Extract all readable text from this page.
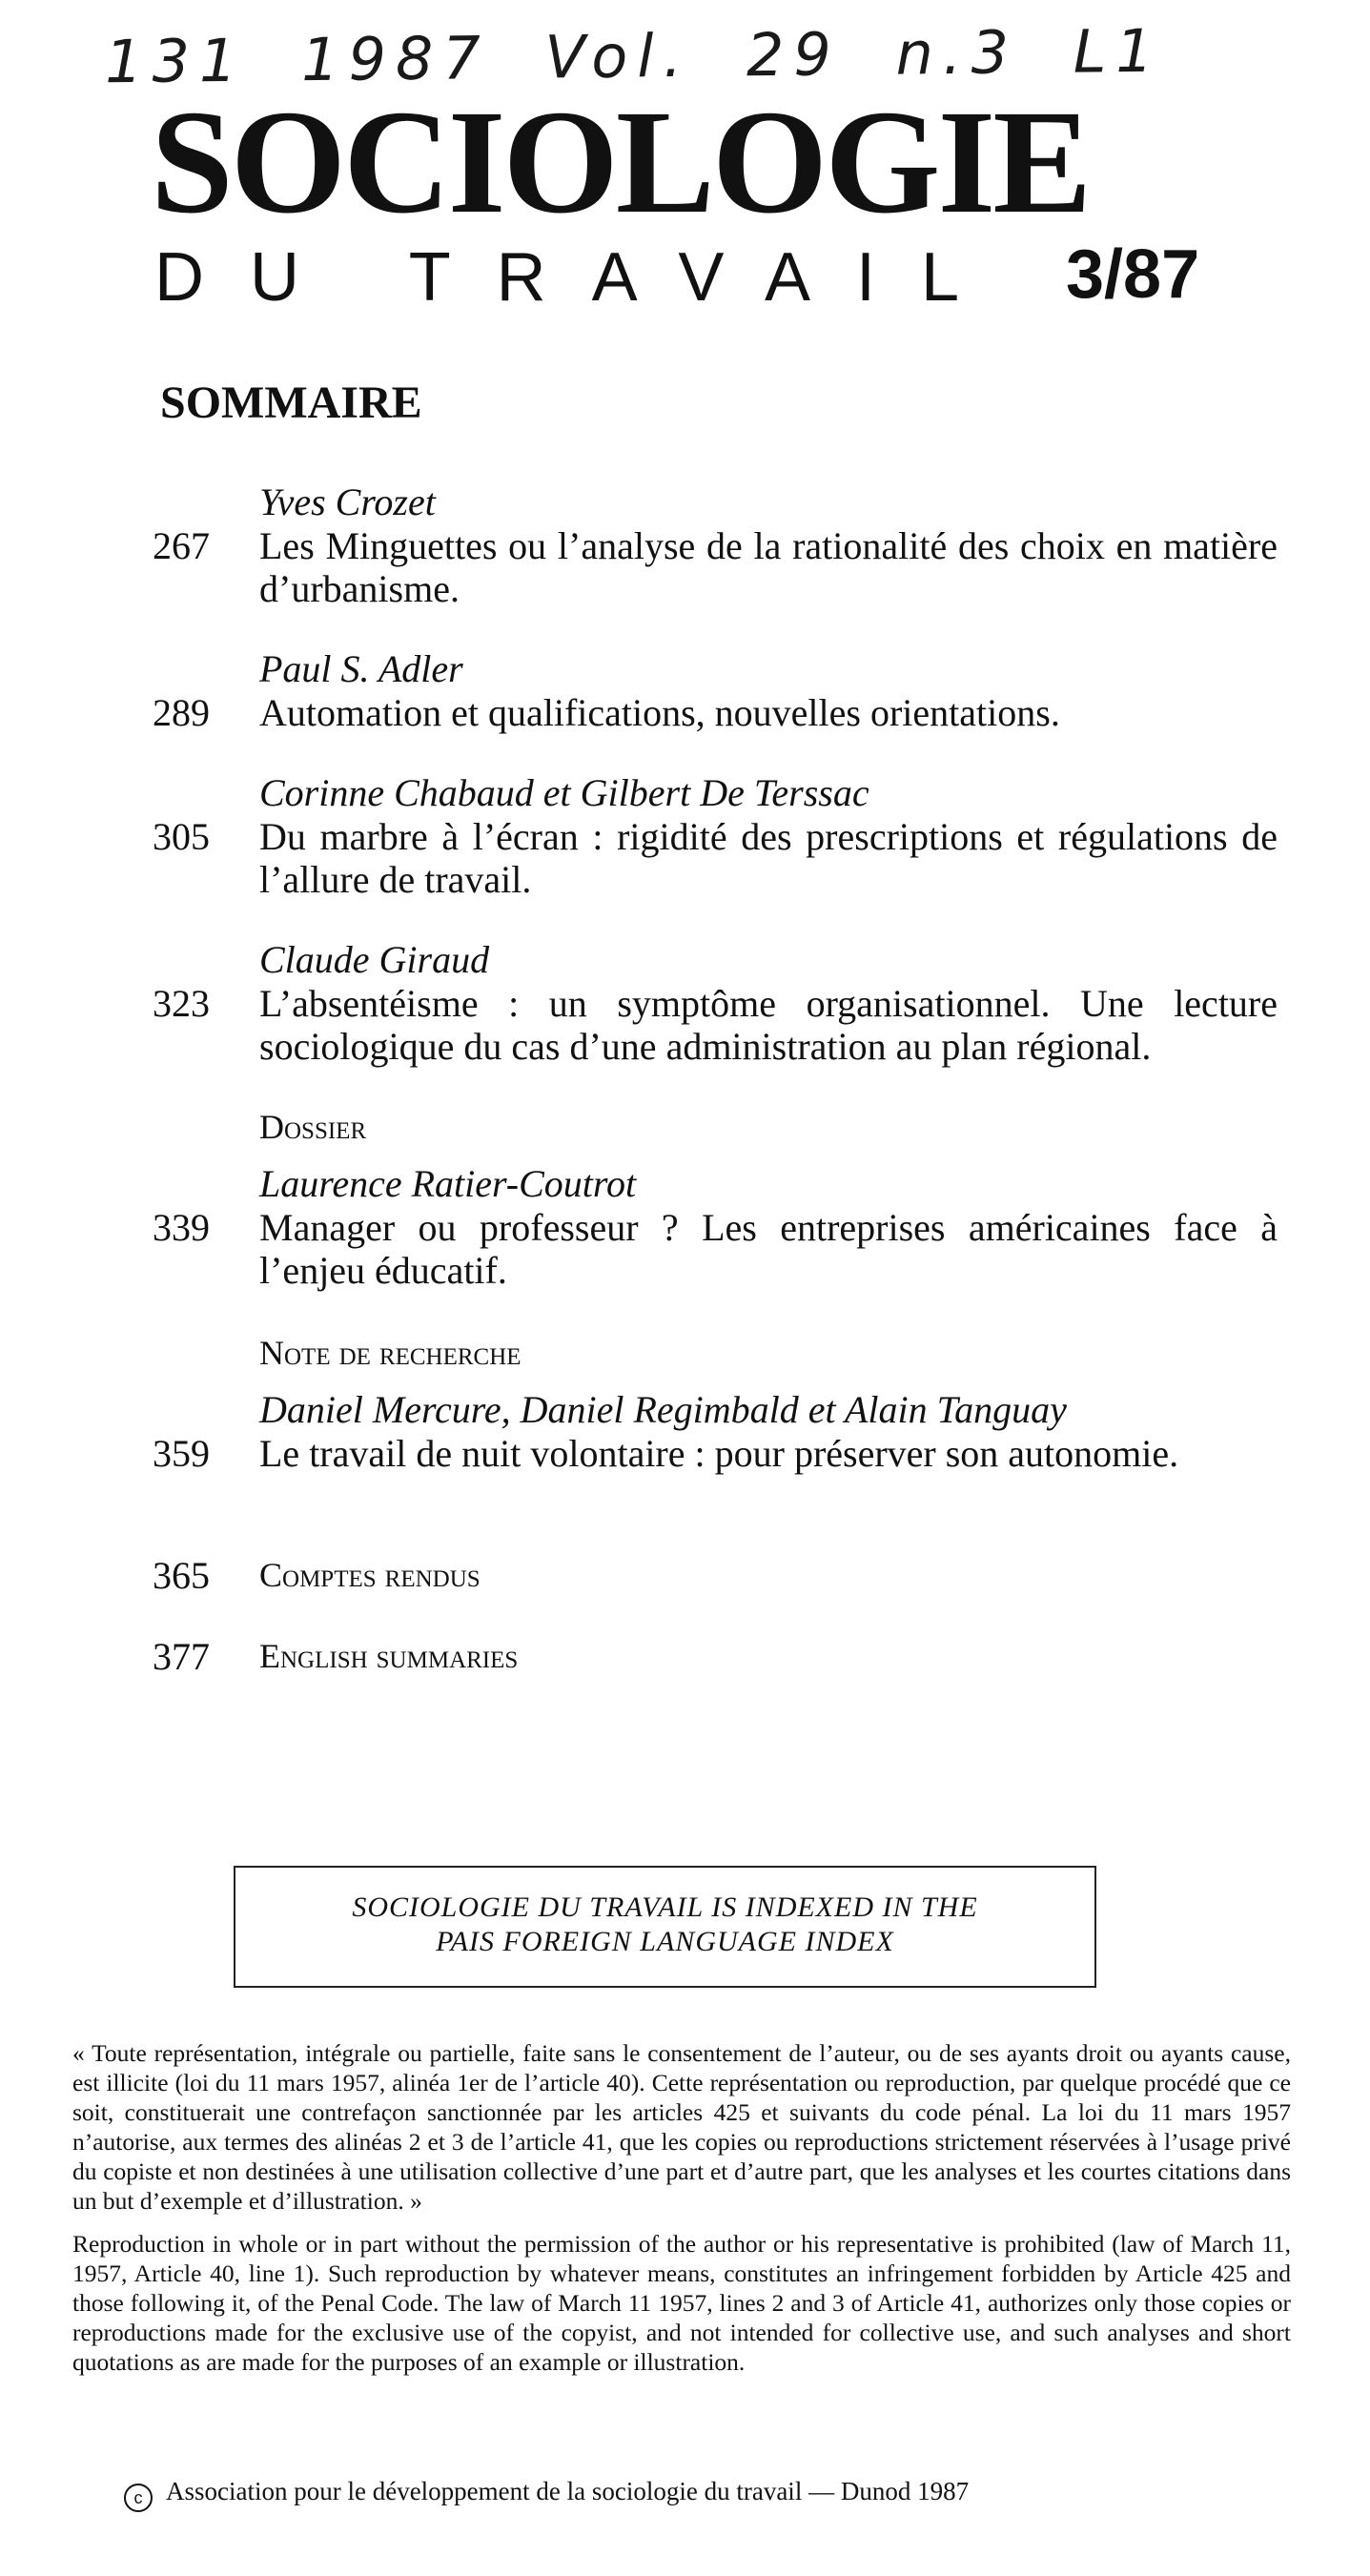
131 1987 Vol. 29 n.3 L1
SOCIOLOGIE
DU TRAVAIL 3/87
SOMMAIRE
Yves Crozet
267	Les Minguettes ou l’analyse de la rationalité des choix en matière d’urbanisme.
Paul S. Adler
289	Automation et qualifications, nouvelles orientations.
Corinne Chabaud et Gilbert De Terssac
305	Du marbre à l’écran : rigidité des prescriptions et régulations de l’allure de travail.
Claude Giraud
323	L’absentéisme : un symptôme organisationnel. Une lecture sociologique du cas d’une administration au plan régional.
Dossier
Laurence Ratier-Coutrot
339	Manager ou professeur ? Les entreprises américaines face à l’enjeu éducatif.
Note de recherche
Daniel Mercure, Daniel Regimbald et Alain Tanguay
359	Le travail de nuit volontaire : pour préserver son autonomie.
365	Comptes rendus
377	English summaries
SOCIOLOGIE DU TRAVAIL IS INDEXED IN THE
PAIS FOREIGN LANGUAGE INDEX
« Toute représentation, intégrale ou partielle, faite sans le consentement de l’auteur, ou de ses ayants droit ou ayants cause, est illicite (loi du 11 mars 1957, alinéa 1er de l’article 40). Cette représentation ou reproduction, par quelque procédé que ce soit, constituerait une contrefaçon sanctionnée par les articles 425 et suivants du code pénal. La loi du 11 mars 1957 n’autorise, aux termes des alinéas 2 et 3 de l’article 41, que les copies ou reproductions strictement réservées à l’usage privé du copiste et non destinées à une utilisation collective d’une part et d’autre part, que les analyses et les courtes citations dans un but d’exemple et d’illustration. »
Reproduction in whole or in part without the permission of the author or his representative is prohibited (law of March 11, 1957, Article 40, line 1). Such reproduction by whatever means, constitutes an infringement forbidden by Article 425 and those following it, of the Penal Code. The law of March 11 1957, lines 2 and 3 of Article 41, authorizes only those copies or reproductions made for the exclusive use of the copyist, and not intended for collective use, and such analyses and short quotations as are made for the purposes of an example or illustration.
c Association pour le développement de la sociologie du travail — Dunod 1987
